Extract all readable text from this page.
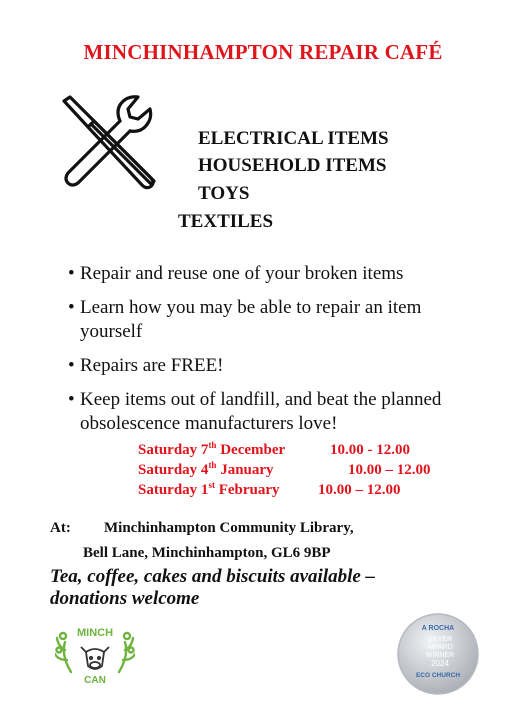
MINCHINHAMPTON REPAIR CAFÉ
ELECTRICAL ITEMS
HOUSEHOLD ITEMS
TOYS
TEXTILES
• Repair and reuse one of your broken items
• Learn how you may be able to repair an item yourself
• Repairs are FREE!
• Keep items out of landfill, and beat the planned obsolescence manufacturers love!
Saturday 7th December	10.00 - 12.00
Saturday 4th January	10.00 – 12.00
Saturday 1st February	10.00 – 12.00
At: Minchinhampton Community Library,
Bell Lane, Minchinhampton, GL6 9BP
Tea, coffee, cakes and biscuits available –
donations welcome
MINCH
CAN
A ROCHA
SILVER
AWARD
WINNER
2024
ECO CHURCH
